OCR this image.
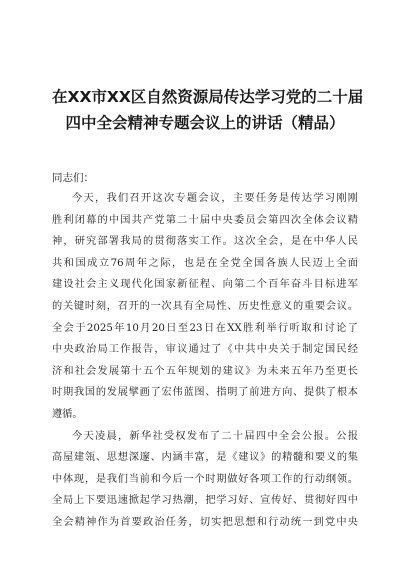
在XX市XX区自然资源局传达学习党的二十届
四中全会精神专题会议上的讲话（精品）

同志们：

今天，我们召开这次专题会议，主要任务是传达学习刚刚
胜利闭幕的中国共产党第二十届中央委员会第四次全体会议精
神，研究部署我局的贯彻落实工作。这次全会，是在中华人民
共和国成立76周年之际，也是在全党全国各族人民迈上全面
建设社会主义现代化国家新征程、向第二个百年奋斗目标进军
的关键时刻，召开的一次具有全局性、历史性意义的重要会议。
全会于2025年10月20日至23日在XX胜利举行听取和讨论了
中央政治局工作报告，审议通过了《中共中央关于制定国民经
济和社会发展第十五个五年规划的建议》为未来五年乃至更长
时期我国的发展擘画了宏伟蓝图、指明了前进方向、提供了根本
遵循。

今天凌晨，新华社受权发布了二十届四中全会公报。公报
高屋建瓴、思想深邃、内涵丰富，是《建议》的精髓和要义的集
中体现，是我们当前和今后一个时期做好各项工作的行动纲领。
全局上下要迅速掀起学习热潮，把学习好、宣传好、贯彻好四中
全会精神作为首要政治任务，切实把思想和行动统一到党中央
